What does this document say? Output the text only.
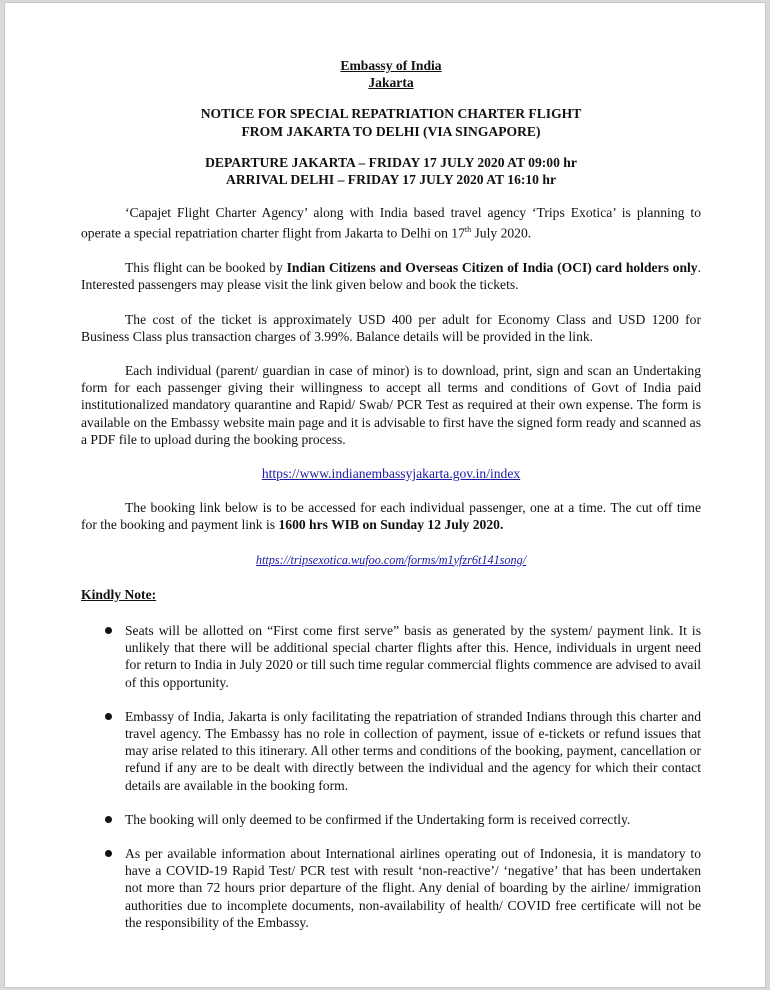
Embassy of India
Jakarta
NOTICE FOR SPECIAL REPATRIATION CHARTER FLIGHT
FROM JAKARTA TO DELHI (VIA SINGAPORE)
DEPARTURE JAKARTA – FRIDAY 17 JULY 2020 AT 09:00 hr
ARRIVAL DELHI – FRIDAY 17 JULY 2020 AT 16:10 hr

‘Capajet Flight Charter Agency’ along with India based travel agency ‘Trips Exotica’ is planning to operate a special repatriation charter flight from Jakarta to Delhi on 17th July 2020.

This flight can be booked by Indian Citizens and Overseas Citizen of India (OCI) card holders only. Interested passengers may please visit the link given below and book the tickets.

The cost of the ticket is approximately USD 400 per adult for Economy Class and USD 1200 for Business Class plus transaction charges of 3.99%. Balance details will be provided in the link.

Each individual (parent/ guardian in case of minor) is to download, print, sign and scan an Undertaking form for each passenger giving their willingness to accept all terms and conditions of Govt of India paid institutionalized mandatory quarantine and Rapid/ Swab/ PCR Test as required at their own expense. The form is available on the Embassy website main page and it is advisable to first have the signed form ready and scanned as a PDF file to upload during the booking process.

https://www.indianembassyjakarta.gov.in/index

The booking link below is to be accessed for each individual passenger, one at a time. The cut off time for the booking and payment link is 1600 hrs WIB on Sunday 12 July 2020.

https://tripsexotica.wufoo.com/forms/m1yfzr6t141song/
Kindly Note:
Seats will be allotted on “First come first serve” basis as generated by the system/ payment link. It is unlikely that there will be additional special charter flights after this. Hence, individuals in urgent need for return to India in July 2020 or till such time regular commercial flights commence are advised to avail of this opportunity.
Embassy of India, Jakarta is only facilitating the repatriation of stranded Indians through this charter and travel agency. The Embassy has no role in collection of payment, issue of e-tickets or refund issues that may arise related to this itinerary. All other terms and conditions of the booking, payment, cancellation or refund if any are to be dealt with directly between the individual and the agency for which their contact details are available in the booking form.
The booking will only deemed to be confirmed if the Undertaking form is received correctly.
As per available information about International airlines operating out of Indonesia, it is mandatory to have a COVID-19 Rapid Test/ PCR test with result ‘non-reactive’/ ‘negative’ that has been undertaken not more than 72 hours prior departure of the flight. Any denial of boarding by the airline/ immigration authorities due to incomplete documents, non-availability of health/ COVID free certificate will not be the responsibility of the Embassy.
